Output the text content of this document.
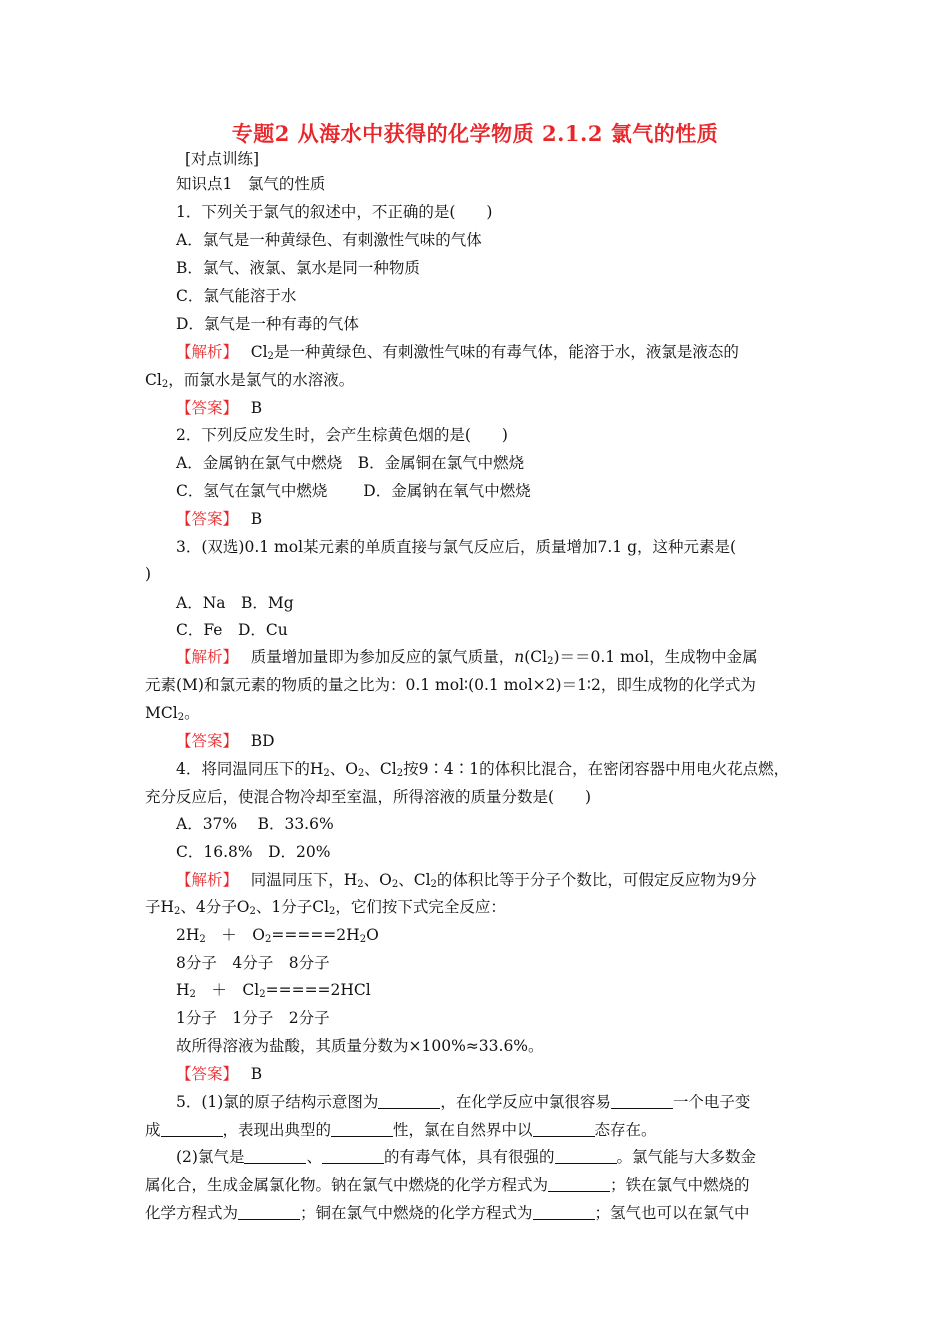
专题2 从海水中获得的化学物质 2.1.2 氯气的性质
[对点训练]
知识点1　氯气的性质
1．下列关于氯气的叙述中，不正确的是(　　)
A．氯气是一种黄绿色、有刺激性气味的气体
B．氯气、液氯、氯水是同一种物质
C．氯气能溶于水
D．氯气是一种有毒的气体
【解析】　 $Cl_2$是一种黄绿色、有刺激性气味的有毒气体，能溶于水，液氯是液态的
$Cl_2$，而氯水是氯气的水溶液。
【答案】　 B
2．下列反应发生时，会产生棕黄色烟的是(　　)
A．金属钠在氯气中燃烧　B．金属铜在氯气中燃烧
C．氢气在氯气中燃烧　　 D．金属钠在氧气中燃烧
【答案】　 B
3．(双选)0.1 mol某元素的单质直接与氯气反应后，质量增加7.1 g，这种元素是(
)
A．Na　B．Mg
C．Fe　D．Cu
【解析】　 质量增加量即为参加反应的氯气质量，$n(Cl_2)==0.1$ mol，生成物中金属
元素(M)和氯元素的物质的量之比为：0.1 mol∶(0.1 mol×2)＝1∶2，即生成物的化学式为
MCl$_2$。
【答案】　 BD
4．将同温同压下的$H_2$、$O_2$、$Cl_2$按9∶4∶1的体积比混合，在密闭容器中用电火花点燃，
充分反应后，使混合物冷却至室温，所得溶液的质量分数是(　　)
A．37%　 B．33.6%
C．16.8%　D．20%
【解析】　 同温同压下，$H_2$、$O_2$、$Cl_2$的体积比等于分子个数比，可假定反应物为9分
子$H_2$、4分子$O_2$、1分子$Cl_2$，它们按下式完全反应：
$2H_2$　＋　$O_2=====2H_2O$
8分子　4分子　8分子
$H_2$　＋　$Cl_2=====2HCl$
1分子　1分子　2分子
故所得溶液为盐酸，其质量分数为×100%≈33.6%。
【答案】　 B
5．(1)氯的原子结构示意图为	，在化学反应中氯很容易	一个电子变
成	，表现出典型的	性，氯在自然界中以	态存在。
(2)氯气是	、	的有毒气体，具有很强的	。氯气能与大多数金
属化合，生成金属氯化物。钠在氯气中燃烧的化学方程式为	；铁在氯气中燃烧的
化学方程式为	；铜在氯气中燃烧的化学方程式为	；氢气也可以在氯气中
